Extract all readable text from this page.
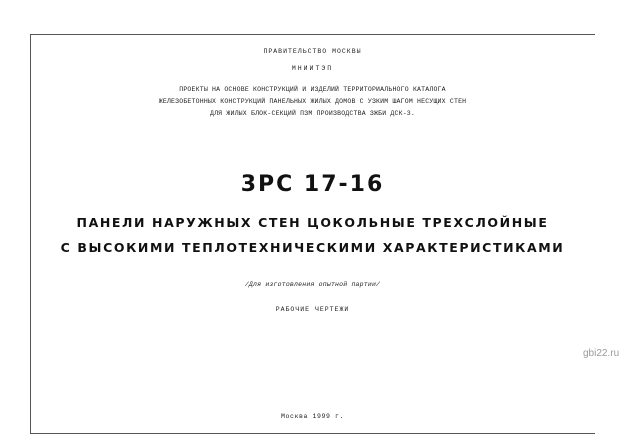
ПРАВИТЕЛЬСТВО МОСКВЫ
МНИИТЭП
ПРОЕКТЫ НА ОСНОВЕ КОНСТРУКЦИЙ И ИЗДЕЛИЙ ТЕРРИТОРИАЛЬНОГО КАТАЛОГА
ЖЕЛЕЗОБЕТОННЫХ КОНСТРУКЦИЙ ПАНЕЛЬНЫХ ЖИЛЫХ ДОМОВ С УЗКИМ ШАГОМ НЕСУЩИХ СТЕН
ДЛЯ ЖИЛЫХ БЛОК-СЕКЦИЙ ПЗМ ПРОИЗВОДСТВА ЗЖБИ ДСК-3.
3РС 17-16
ПАНЕЛИ НАРУЖНЫХ СТЕН ЦОКОЛЬНЫЕ ТРЕХСЛОЙНЫЕ
С ВЫСОКИМИ ТЕПЛОТЕХНИЧЕСКИМИ ХАРАКТЕРИСТИКАМИ
/Для изготовления опытной партии/
РАБОЧИЕ ЧЕРТЕЖИ
Москва 1999 г.
gbi22.ru
